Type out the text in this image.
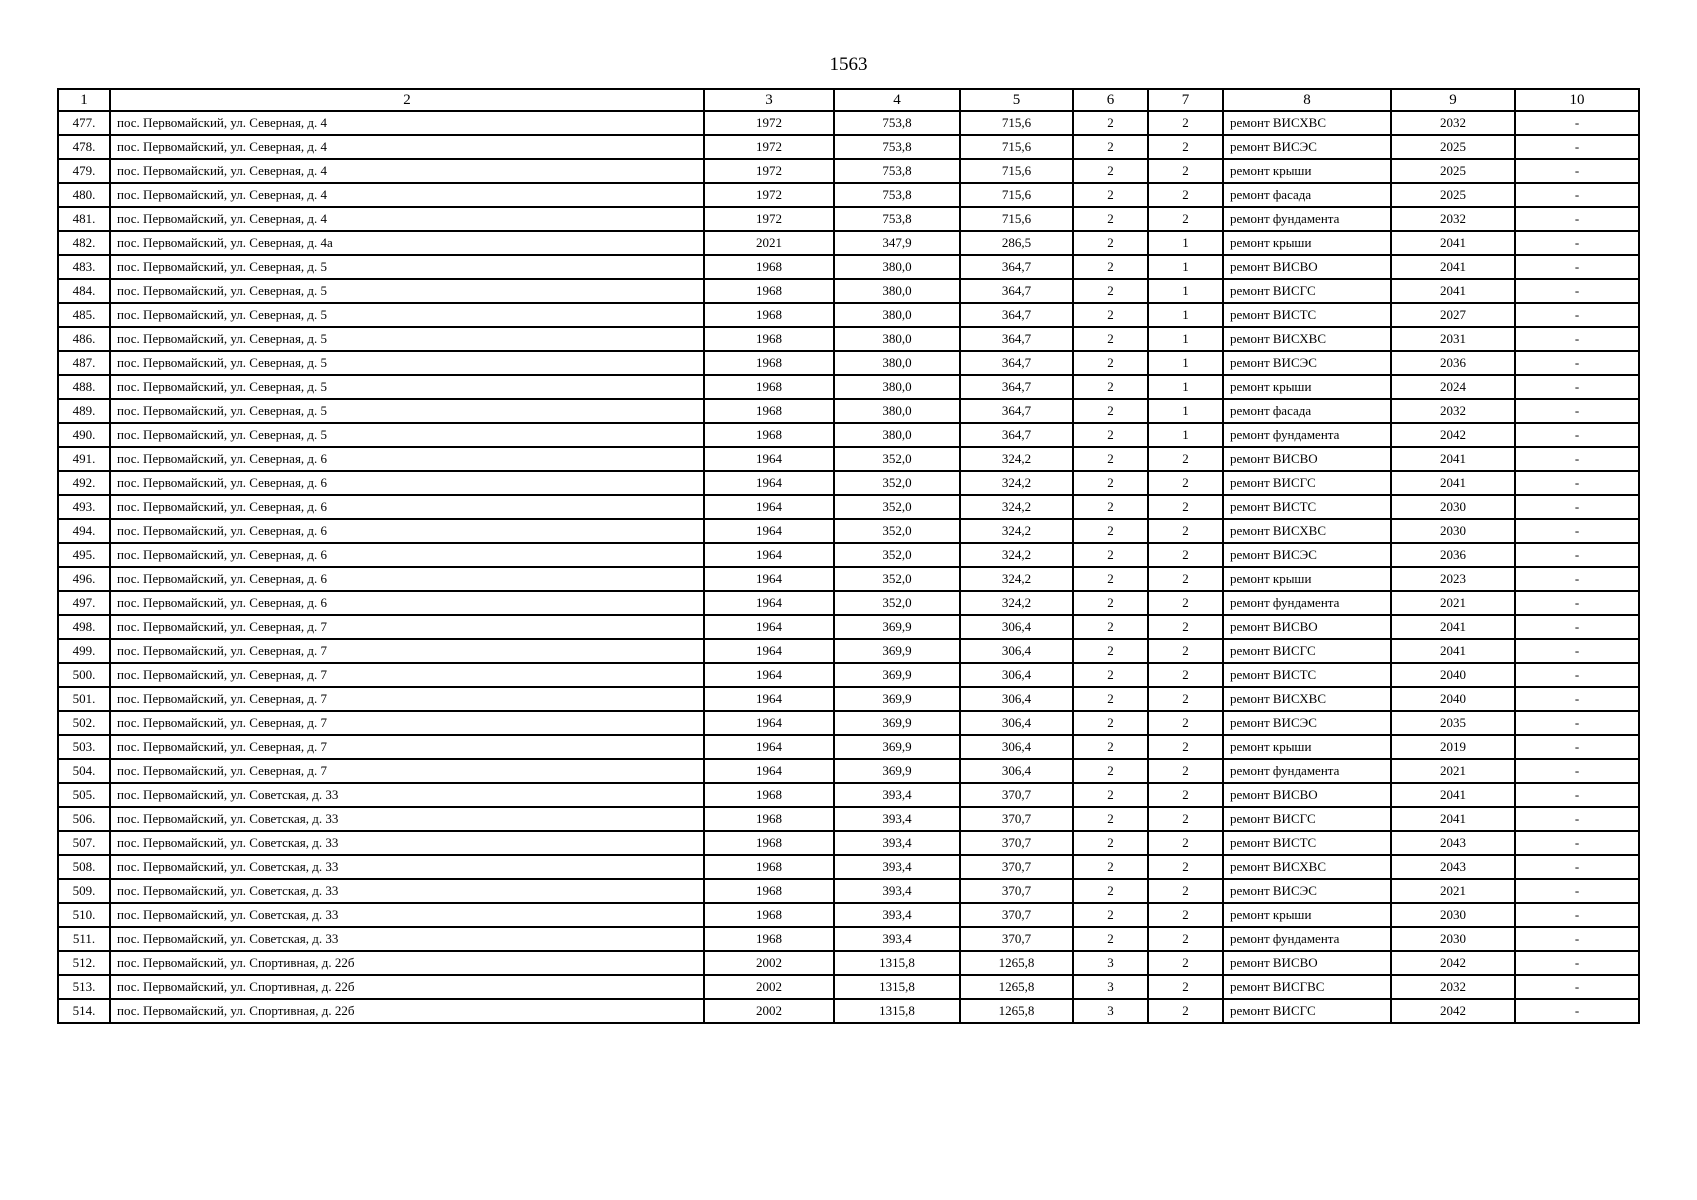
1563
1	2	3	4	5	6	7	8	9	10
477.	пос. Первомайский, ул. Северная, д. 4	1972	753,8	715,6	2	2	ремонт ВИСХВС	2032	-
478.	пос. Первомайский, ул. Северная, д. 4	1972	753,8	715,6	2	2	ремонт ВИСЭС	2025	-
479.	пос. Первомайский, ул. Северная, д. 4	1972	753,8	715,6	2	2	ремонт крыши	2025	-
480.	пос. Первомайский, ул. Северная, д. 4	1972	753,8	715,6	2	2	ремонт фасада	2025	-
481.	пос. Первомайский, ул. Северная, д. 4	1972	753,8	715,6	2	2	ремонт фундамента	2032	-
482.	пос. Первомайский, ул. Северная, д. 4а	2021	347,9	286,5	2	1	ремонт крыши	2041	-
483.	пос. Первомайский, ул. Северная, д. 5	1968	380,0	364,7	2	1	ремонт ВИСВО	2041	-
484.	пос. Первомайский, ул. Северная, д. 5	1968	380,0	364,7	2	1	ремонт ВИСГС	2041	-
485.	пос. Первомайский, ул. Северная, д. 5	1968	380,0	364,7	2	1	ремонт ВИСТС	2027	-
486.	пос. Первомайский, ул. Северная, д. 5	1968	380,0	364,7	2	1	ремонт ВИСХВС	2031	-
487.	пос. Первомайский, ул. Северная, д. 5	1968	380,0	364,7	2	1	ремонт ВИСЭС	2036	-
488.	пос. Первомайский, ул. Северная, д. 5	1968	380,0	364,7	2	1	ремонт крыши	2024	-
489.	пос. Первомайский, ул. Северная, д. 5	1968	380,0	364,7	2	1	ремонт фасада	2032	-
490.	пос. Первомайский, ул. Северная, д. 5	1968	380,0	364,7	2	1	ремонт фундамента	2042	-
491.	пос. Первомайский, ул. Северная, д. 6	1964	352,0	324,2	2	2	ремонт ВИСВО	2041	-
492.	пос. Первомайский, ул. Северная, д. 6	1964	352,0	324,2	2	2	ремонт ВИСГС	2041	-
493.	пос. Первомайский, ул. Северная, д. 6	1964	352,0	324,2	2	2	ремонт ВИСТС	2030	-
494.	пос. Первомайский, ул. Северная, д. 6	1964	352,0	324,2	2	2	ремонт ВИСХВС	2030	-
495.	пос. Первомайский, ул. Северная, д. 6	1964	352,0	324,2	2	2	ремонт ВИСЭС	2036	-
496.	пос. Первомайский, ул. Северная, д. 6	1964	352,0	324,2	2	2	ремонт крыши	2023	-
497.	пос. Первомайский, ул. Северная, д. 6	1964	352,0	324,2	2	2	ремонт фундамента	2021	-
498.	пос. Первомайский, ул. Северная, д. 7	1964	369,9	306,4	2	2	ремонт ВИСВО	2041	-
499.	пос. Первомайский, ул. Северная, д. 7	1964	369,9	306,4	2	2	ремонт ВИСГС	2041	-
500.	пос. Первомайский, ул. Северная, д. 7	1964	369,9	306,4	2	2	ремонт ВИСТС	2040	-
501.	пос. Первомайский, ул. Северная, д. 7	1964	369,9	306,4	2	2	ремонт ВИСХВС	2040	-
502.	пос. Первомайский, ул. Северная, д. 7	1964	369,9	306,4	2	2	ремонт ВИСЭС	2035	-
503.	пос. Первомайский, ул. Северная, д. 7	1964	369,9	306,4	2	2	ремонт крыши	2019	-
504.	пос. Первомайский, ул. Северная, д. 7	1964	369,9	306,4	2	2	ремонт фундамента	2021	-
505.	пос. Первомайский, ул. Советская, д. 33	1968	393,4	370,7	2	2	ремонт ВИСВО	2041	-
506.	пос. Первомайский, ул. Советская, д. 33	1968	393,4	370,7	2	2	ремонт ВИСГС	2041	-
507.	пос. Первомайский, ул. Советская, д. 33	1968	393,4	370,7	2	2	ремонт ВИСТС	2043	-
508.	пос. Первомайский, ул. Советская, д. 33	1968	393,4	370,7	2	2	ремонт ВИСХВС	2043	-
509.	пос. Первомайский, ул. Советская, д. 33	1968	393,4	370,7	2	2	ремонт ВИСЭС	2021	-
510.	пос. Первомайский, ул. Советская, д. 33	1968	393,4	370,7	2	2	ремонт крыши	2030	-
511.	пос. Первомайский, ул. Советская, д. 33	1968	393,4	370,7	2	2	ремонт фундамента	2030	-
512.	пос. Первомайский, ул. Спортивная, д. 22б	2002	1315,8	1265,8	3	2	ремонт ВИСВО	2042	-
513.	пос. Первомайский, ул. Спортивная, д. 22б	2002	1315,8	1265,8	3	2	ремонт ВИСГВС	2032	-
514.	пос. Первомайский, ул. Спортивная, д. 22б	2002	1315,8	1265,8	3	2	ремонт ВИСГС	2042	-
